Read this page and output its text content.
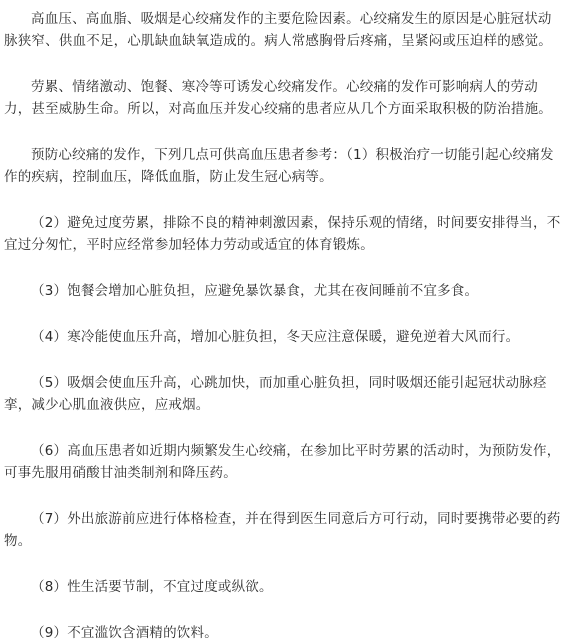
高血压、高血脂、吸烟是心绞痛发作的主要危险因素。心绞痛发生的原因是心脏冠状动脉狭窄、供血不足，心肌缺血缺氧造成的。病人常感胸骨后疼痛，呈紧闷或压迫样的感觉。

劳累、情绪激动、饱餐、寒冷等可诱发心绞痛发作。心绞痛的发作可影响病人的劳动力，甚至威胁生命。所以，对高血压并发心绞痛的患者应从几个方面采取积极的防治措施。

预防心绞痛的发作，下列几点可供高血压患者参考：（1）积极治疗一切能引起心绞痛发作的疾病，控制血压，降低血脂，防止发生冠心病等。

（2）避免过度劳累，排除不良的精神刺激因素，保持乐观的情绪，时间要安排得当，不宜过分匆忙，平时应经常参加轻体力劳动或适宜的体育锻炼。

（3）饱餐会增加心脏负担，应避免暴饮暴食，尤其在夜间睡前不宜多食。

（4）寒冷能使血压升高，增加心脏负担，冬天应注意保暖，避免逆着大风而行。

（5）吸烟会使血压升高，心跳加快，而加重心脏负担，同时吸烟还能引起冠状动脉痉挛，减少心肌血液供应，应戒烟。

（6）高血压患者如近期内频繁发生心绞痛，在参加比平时劳累的活动时，为预防发作，可事先服用硝酸甘油类制剂和降压药。

（7）外出旅游前应进行体格检查，并在得到医生同意后方可行动，同时要携带必要的药物。

（8）性生活要节制，不宜过度或纵欲。

（9）不宜滥饮含酒精的饮料。
